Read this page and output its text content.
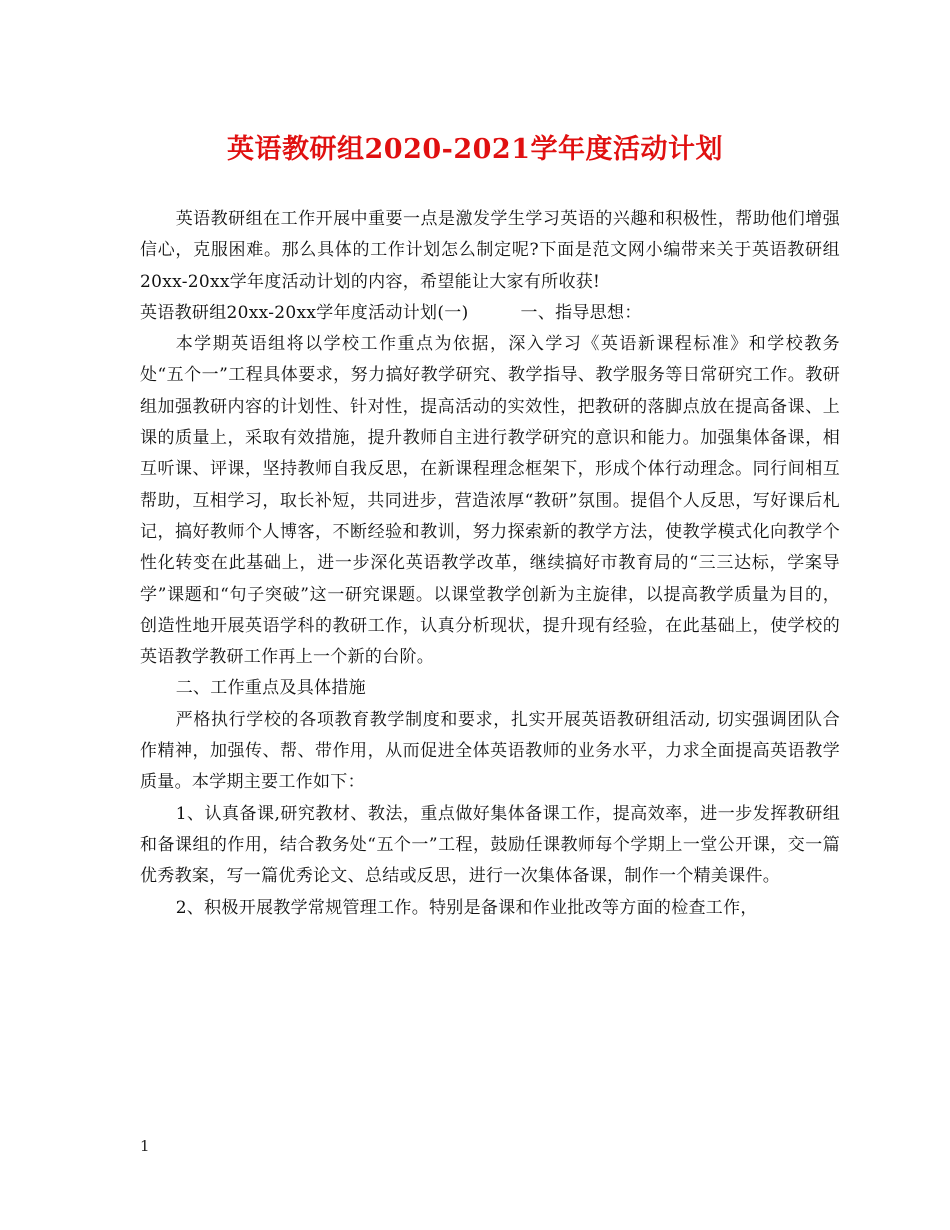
英语教研组2020-2021学年度活动计划

英语教研组在工作开展中重要一点是激发学生学习英语的兴趣和积极性，帮助他们增强信心，克服困难。那么具体的工作计划怎么制定呢?下面是范文网小编带来关于英语教研组20xx-20xx学年度活动计划的内容，希望能让大家有所收获!

英语教研组20xx-20xx学年度活动计划(一)	一、指导思想：

本学期英语组将以学校工作重点为依据，深入学习《英语新课程标准》和学校教务处“五个一”工程具体要求，努力搞好教学研究、教学指导、教学服务等日常研究工作。教研组加强教研内容的计划性、针对性，提高活动的实效性，把教研的落脚点放在提高备课、上课的质量上，采取有效措施，提升教师自主进行教学研究的意识和能力。加强集体备课，相互听课、评课，坚持教师自我反思，在新课程理念框架下，形成个体行动理念。同行间相互帮助，互相学习，取长补短，共同进步，营造浓厚“教研”氛围。提倡个人反思，写好课后札记，搞好教师个人博客，不断经验和教训，努力探索新的教学方法，使教学模式化向教学个性化转变在此基础上，进一步深化英语教学改革，继续搞好市教育局的“三三达标，学案导学”课题和“句子突破”这一研究课题。以课堂教学创新为主旋律，以提高教学质量为目的，创造性地开展英语学科的教研工作，认真分析现状，提升现有经验，在此基础上，使学校的英语教学教研工作再上一个新的台阶。

二、工作重点及具体措施

严格执行学校的各项教育教学制度和要求，扎实开展英语教研组活动, 切实强调团队合作精神，加强传、帮、带作用，从而促进全体英语教师的业务水平，力求全面提高英语教学质量。本学期主要工作如下：

1、认真备课,研究教材、教法，重点做好集体备课工作，提高效率，进一步发挥教研组和备课组的作用，结合教务处“五个一”工程，鼓励任课教师每个学期上一堂公开课，交一篇优秀教案，写一篇优秀论文、总结或反思，进行一次集体备课，制作一个精美课件。

2、积极开展教学常规管理工作。特别是备课和作业批改等方面的检查工作，

1
